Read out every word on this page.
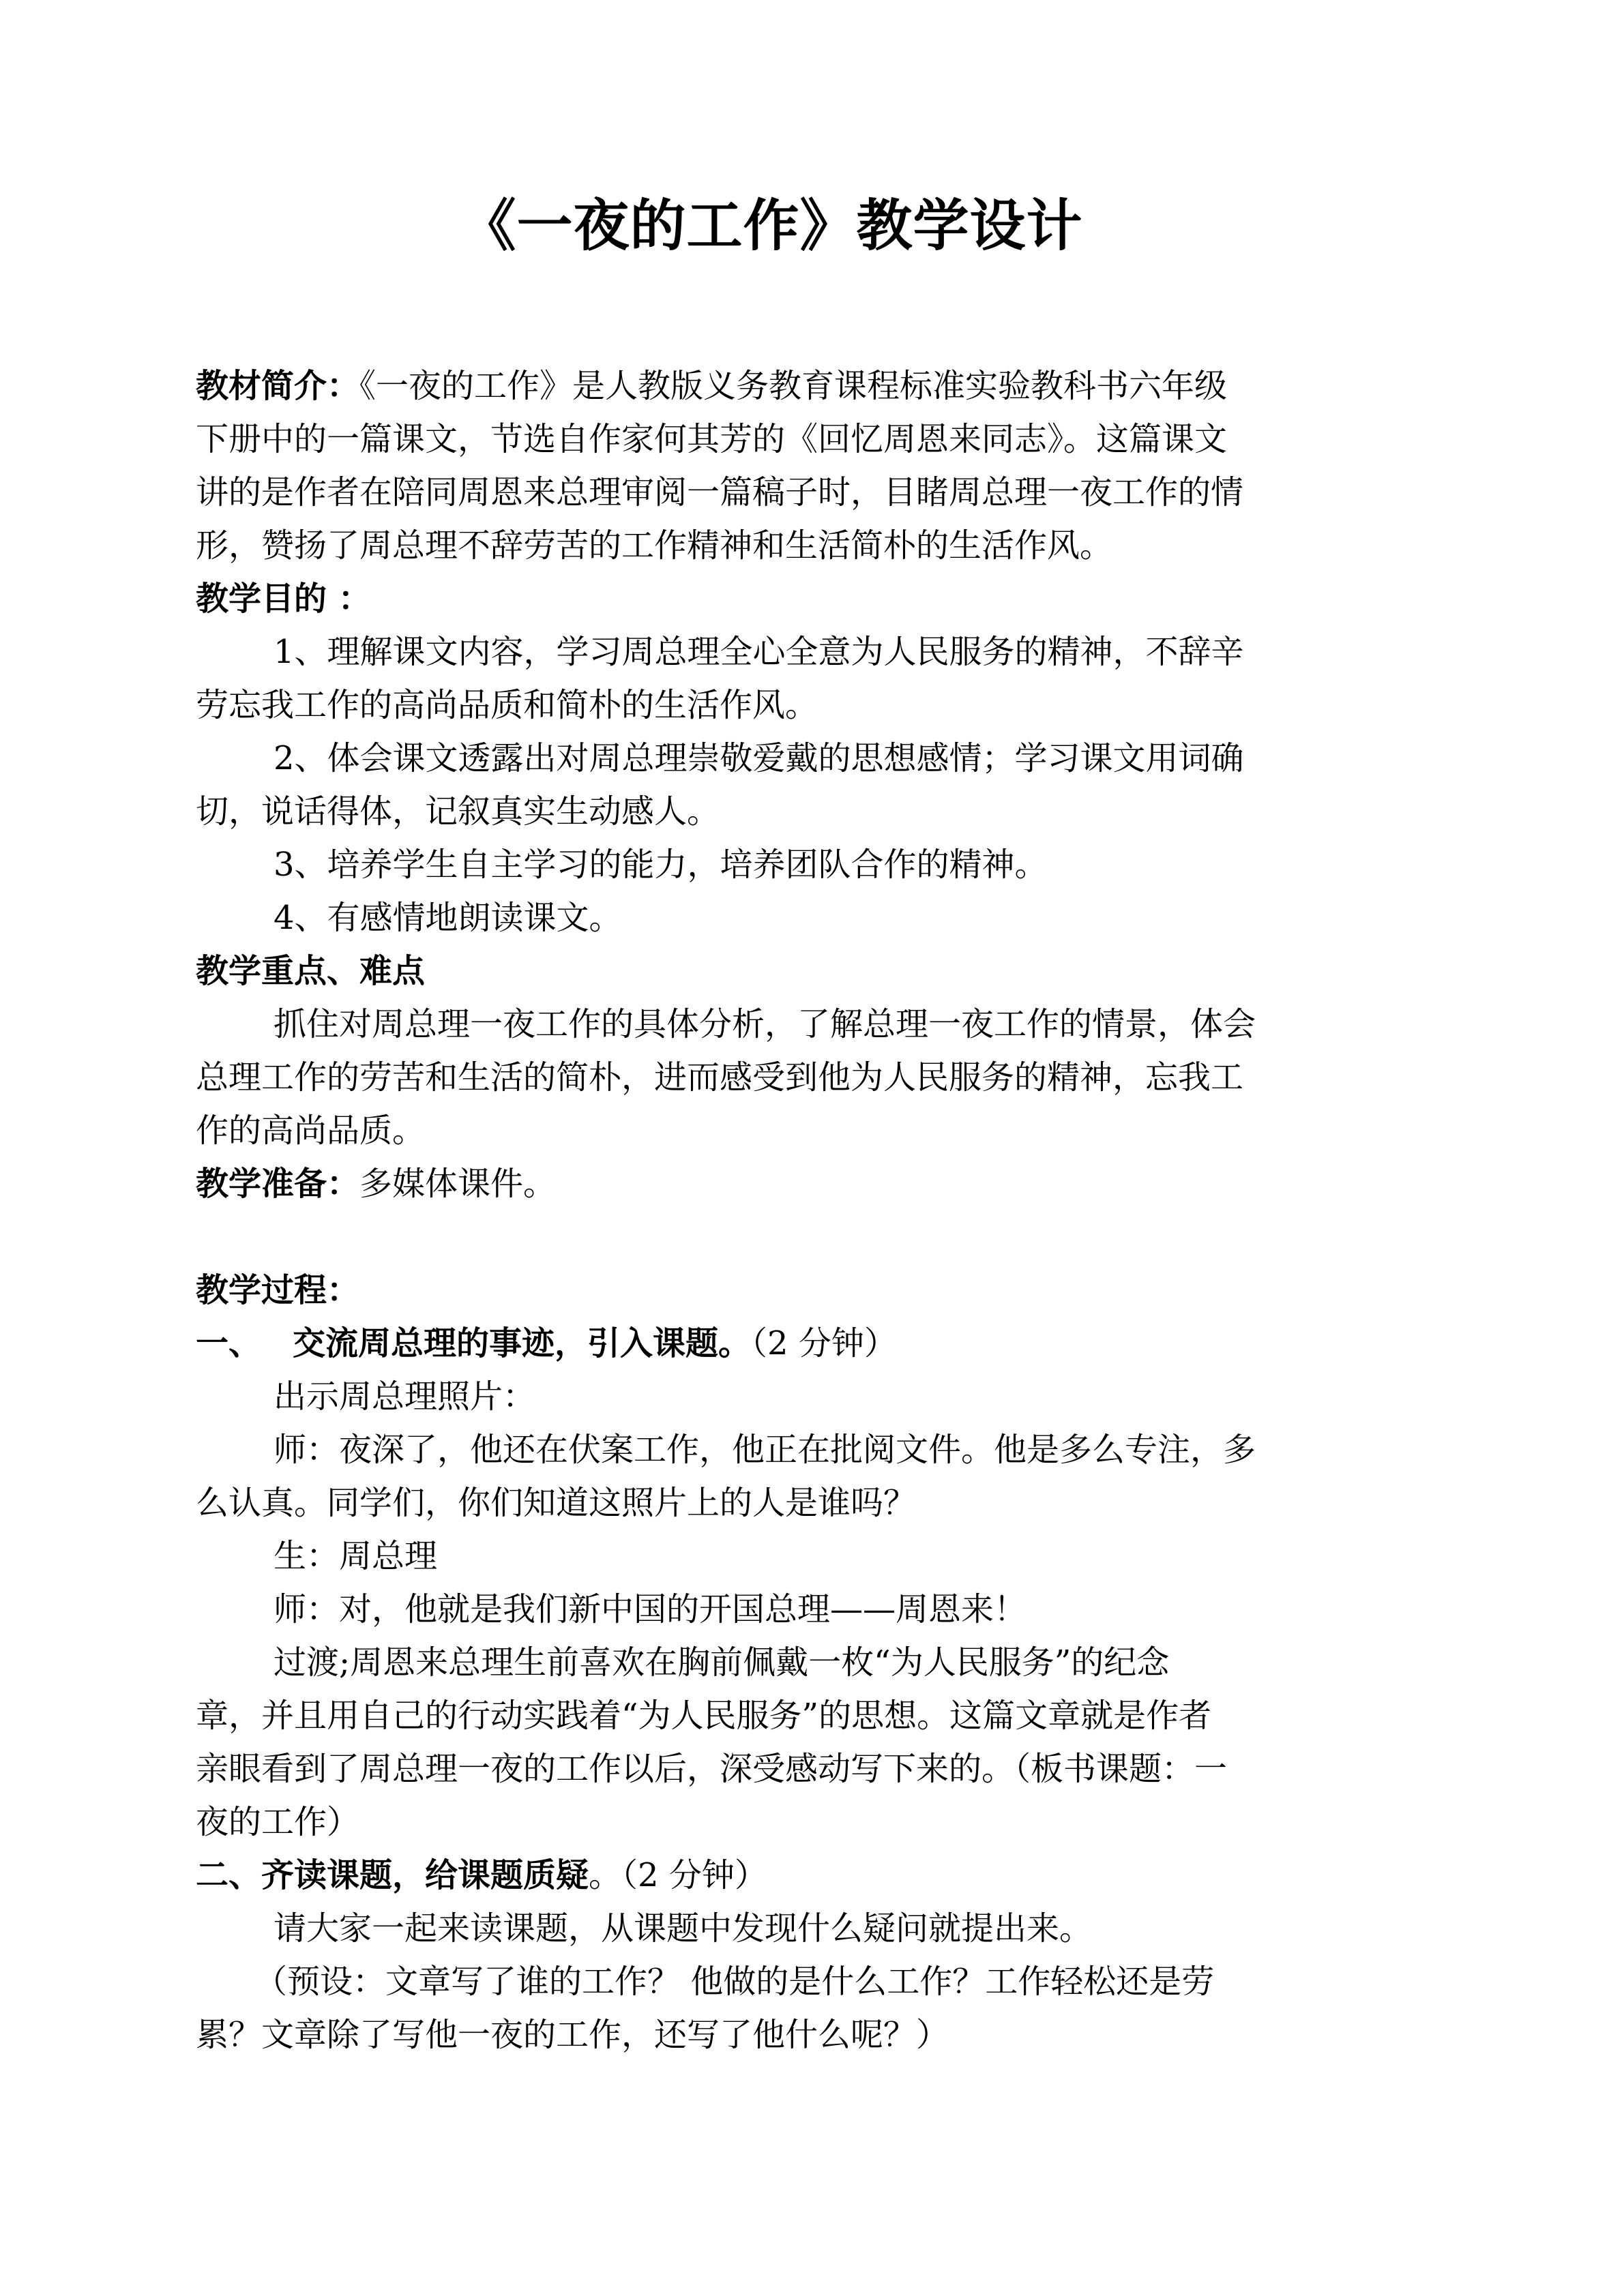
《一夜的工作》教学设计
教材简介：《一夜的工作》是人教版义务教育课程标准实验教科书六年级
下册中的一篇课文，节选自作家何其芳的《回忆周恩来同志》。这篇课文
讲的是作者在陪同周恩来总理审阅一篇稿子时，目睹周总理一夜工作的情
形，赞扬了周总理不辞劳苦的工作精神和生活简朴的生活作风。
教学目的 ：
1、理解课文内容，学习周总理全心全意为人民服务的精神，不辞辛
劳忘我工作的高尚品质和简朴的生活作风。
2、体会课文透露出对周总理崇敬爱戴的思想感情；学习课文用词确
切，说话得体，记叙真实生动感人。
3、培养学生自主学习的能力，培养团队合作的精神。
4、有感情地朗读课文。
教学重点、难点
抓住对周总理一夜工作的具体分析，了解总理一夜工作的情景，体会
总理工作的劳苦和生活的简朴，进而感受到他为人民服务的精神，忘我工
作的高尚品质。
教学准备：多媒体课件。
教学过程：
一、 交流周总理的事迹，引入课题。（2 分钟）
出示周总理照片：
师：夜深了，他还在伏案工作，他正在批阅文件。他是多么专注，多
么认真。同学们，你们知道这照片上的人是谁吗？
生：周总理
师：对，他就是我们新中国的开国总理——周恩来！
过渡;周恩来总理生前喜欢在胸前佩戴一枚“为人民服务”的纪念
章，并且用自己的行动实践着“为人民服务”的思想。这篇文章就是作者
亲眼看到了周总理一夜的工作以后，深受感动写下来的。（板书课题：一
夜的工作）
二、齐读课题，给课题质疑。（2 分钟）
请大家一起来读课题，从课题中发现什么疑问就提出来。
（预设：文章写了谁的工作？ 他做的是什么工作？工作轻松还是劳
累？文章除了写他一夜的工作，还写了他什么呢？）
